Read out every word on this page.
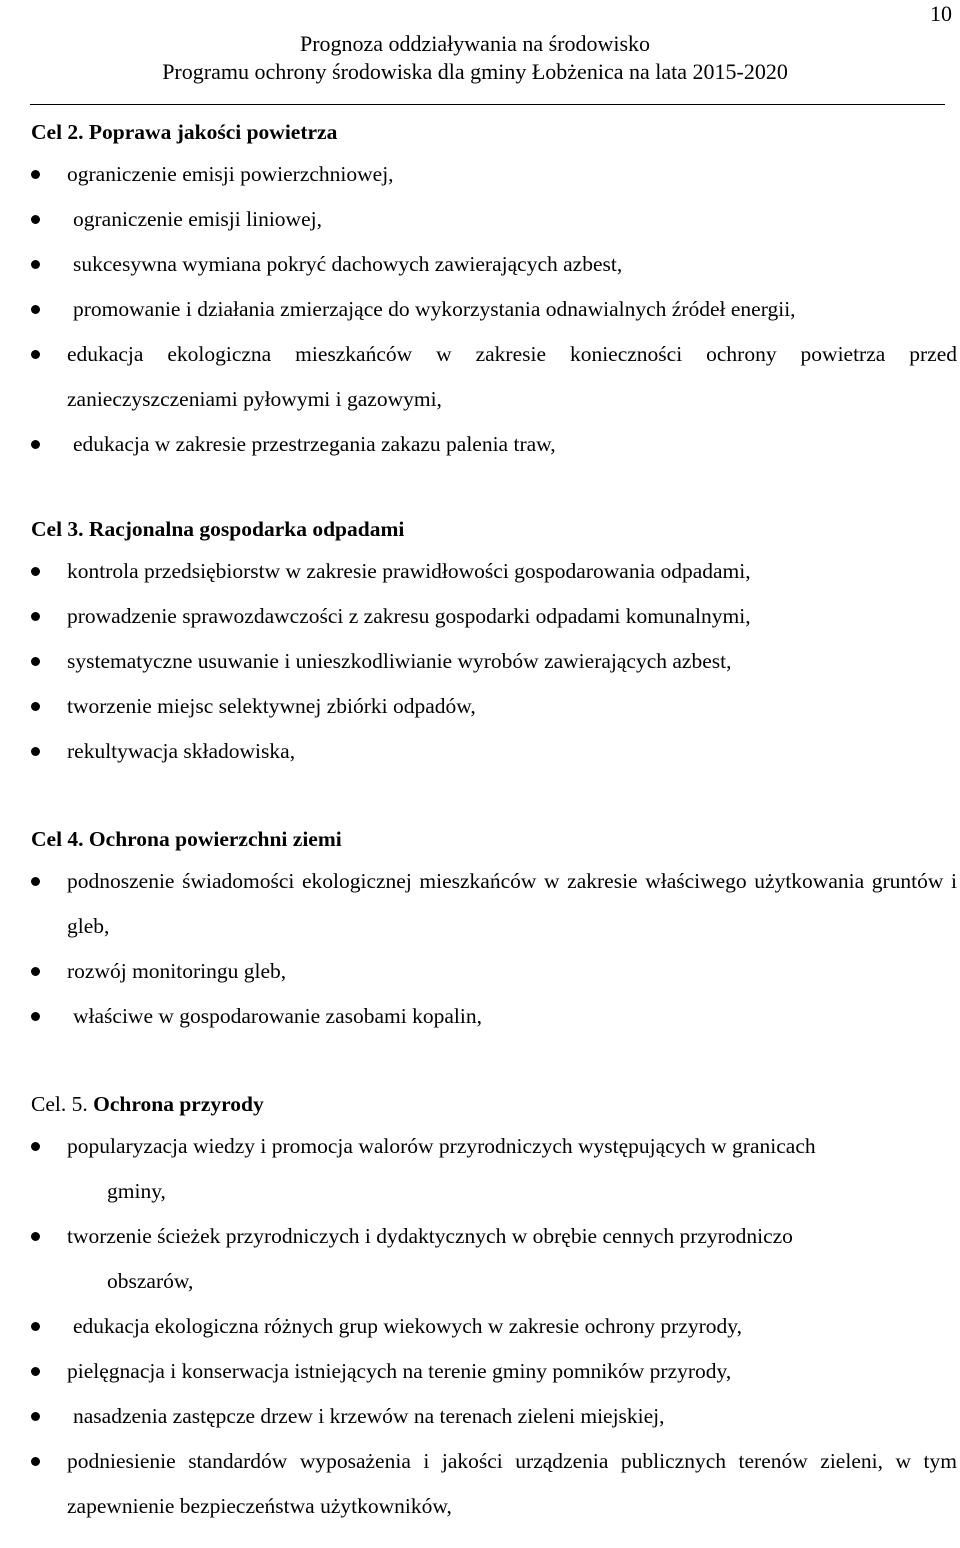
10
Prognoza oddziaływania na środowisko
Programu ochrony środowiska dla gminy Łobżenica na lata 2015-2020
Cel 2. Poprawa jakości powietrza
ograniczenie emisji powierzchniowej,
ograniczenie emisji liniowej,
sukcesywna wymiana pokryć dachowych zawierających azbest,
promowanie i działania zmierzające do wykorzystania odnawialnych źródeł energii,
edukacja ekologiczna mieszkańców w zakresie konieczności ochrony powietrza przed zanieczyszczeniami pyłowymi i gazowymi,
edukacja w zakresie przestrzegania zakazu palenia traw,
Cel 3. Racjonalna gospodarka odpadami
kontrola przedsiębiorstw w zakresie prawidłowości gospodarowania odpadami,
prowadzenie sprawozdawczości z zakresu gospodarki odpadami komunalnymi,
systematyczne usuwanie i unieszkodliwianie wyrobów zawierających azbest,
tworzenie miejsc selektywnej zbiórki odpadów,
rekultywacja składowiska,
Cel 4. Ochrona powierzchni ziemi
podnoszenie świadomości ekologicznej mieszkańców w zakresie właściwego użytkowania gruntów i gleb,
rozwój monitoringu gleb,
właściwe w gospodarowanie zasobami kopalin,
Cel. 5. Ochrona przyrody
popularyzacja wiedzy i promocja walorów przyrodniczych występujących w granicach
gminy,
tworzenie ścieżek przyrodniczych i dydaktycznych w obrębie cennych przyrodniczo
obszarów,
edukacja ekologiczna różnych grup wiekowych w zakresie ochrony przyrody,
pielęgnacja i konserwacja istniejących na terenie gminy pomników przyrody,
nasadzenia zastępcze drzew i krzewów na terenach zieleni miejskiej,
podniesienie standardów wyposażenia i jakości urządzenia publicznych terenów zieleni, w tym zapewnienie bezpieczeństwa użytkowników,
